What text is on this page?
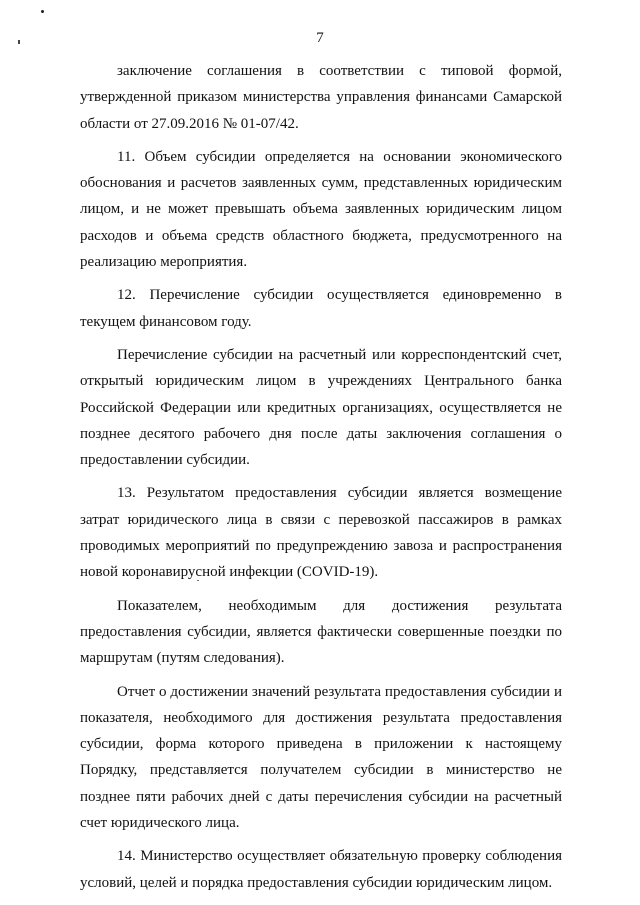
7

заключение соглашения в соответствии с типовой формой, утвержденной приказом министерства управления финансами Самарской области от 27.09.2016 № 01-07/42.

11. Объем субсидии определяется на основании экономического обоснования и расчетов заявленных сумм, представленных юридическим лицом, и не может превышать объема заявленных юридическим лицом расходов и объема средств областного бюджета, предусмотренного на реализацию мероприятия.

12. Перечисление субсидии осуществляется единовременно в текущем финансовом году.

Перечисление субсидии на расчетный или корреспондентский счет, открытый юридическим лицом в учреждениях Центрального банка Российской Федерации или кредитных организациях, осуществляется не позднее десятого рабочего дня после даты заключения соглашения о предоставлении субсидии.

13. Результатом предоставления субсидии является возмещение затрат юридического лица в связи с перевозкой пассажиров в рамках проводимых мероприятий по предупреждению завоза и распространения новой коронавирусной инфекции (COVID-19).

Показателем, необходимым для достижения результата предоставления субсидии, является фактически совершенные поездки по маршрутам (путям следования).

Отчет о достижении значений результата предоставления субсидии и показателя, необходимого для достижения результата предоставления субсидии, форма которого приведена в приложении к настоящему Порядку, представляется получателем субсидии в министерство не позднее пяти рабочих дней с даты перечисления субсидии на расчетный счет юридического лица.

14. Министерство осуществляет обязательную проверку соблюдения условий, целей и порядка предоставления субсидии юридическим лицом.
